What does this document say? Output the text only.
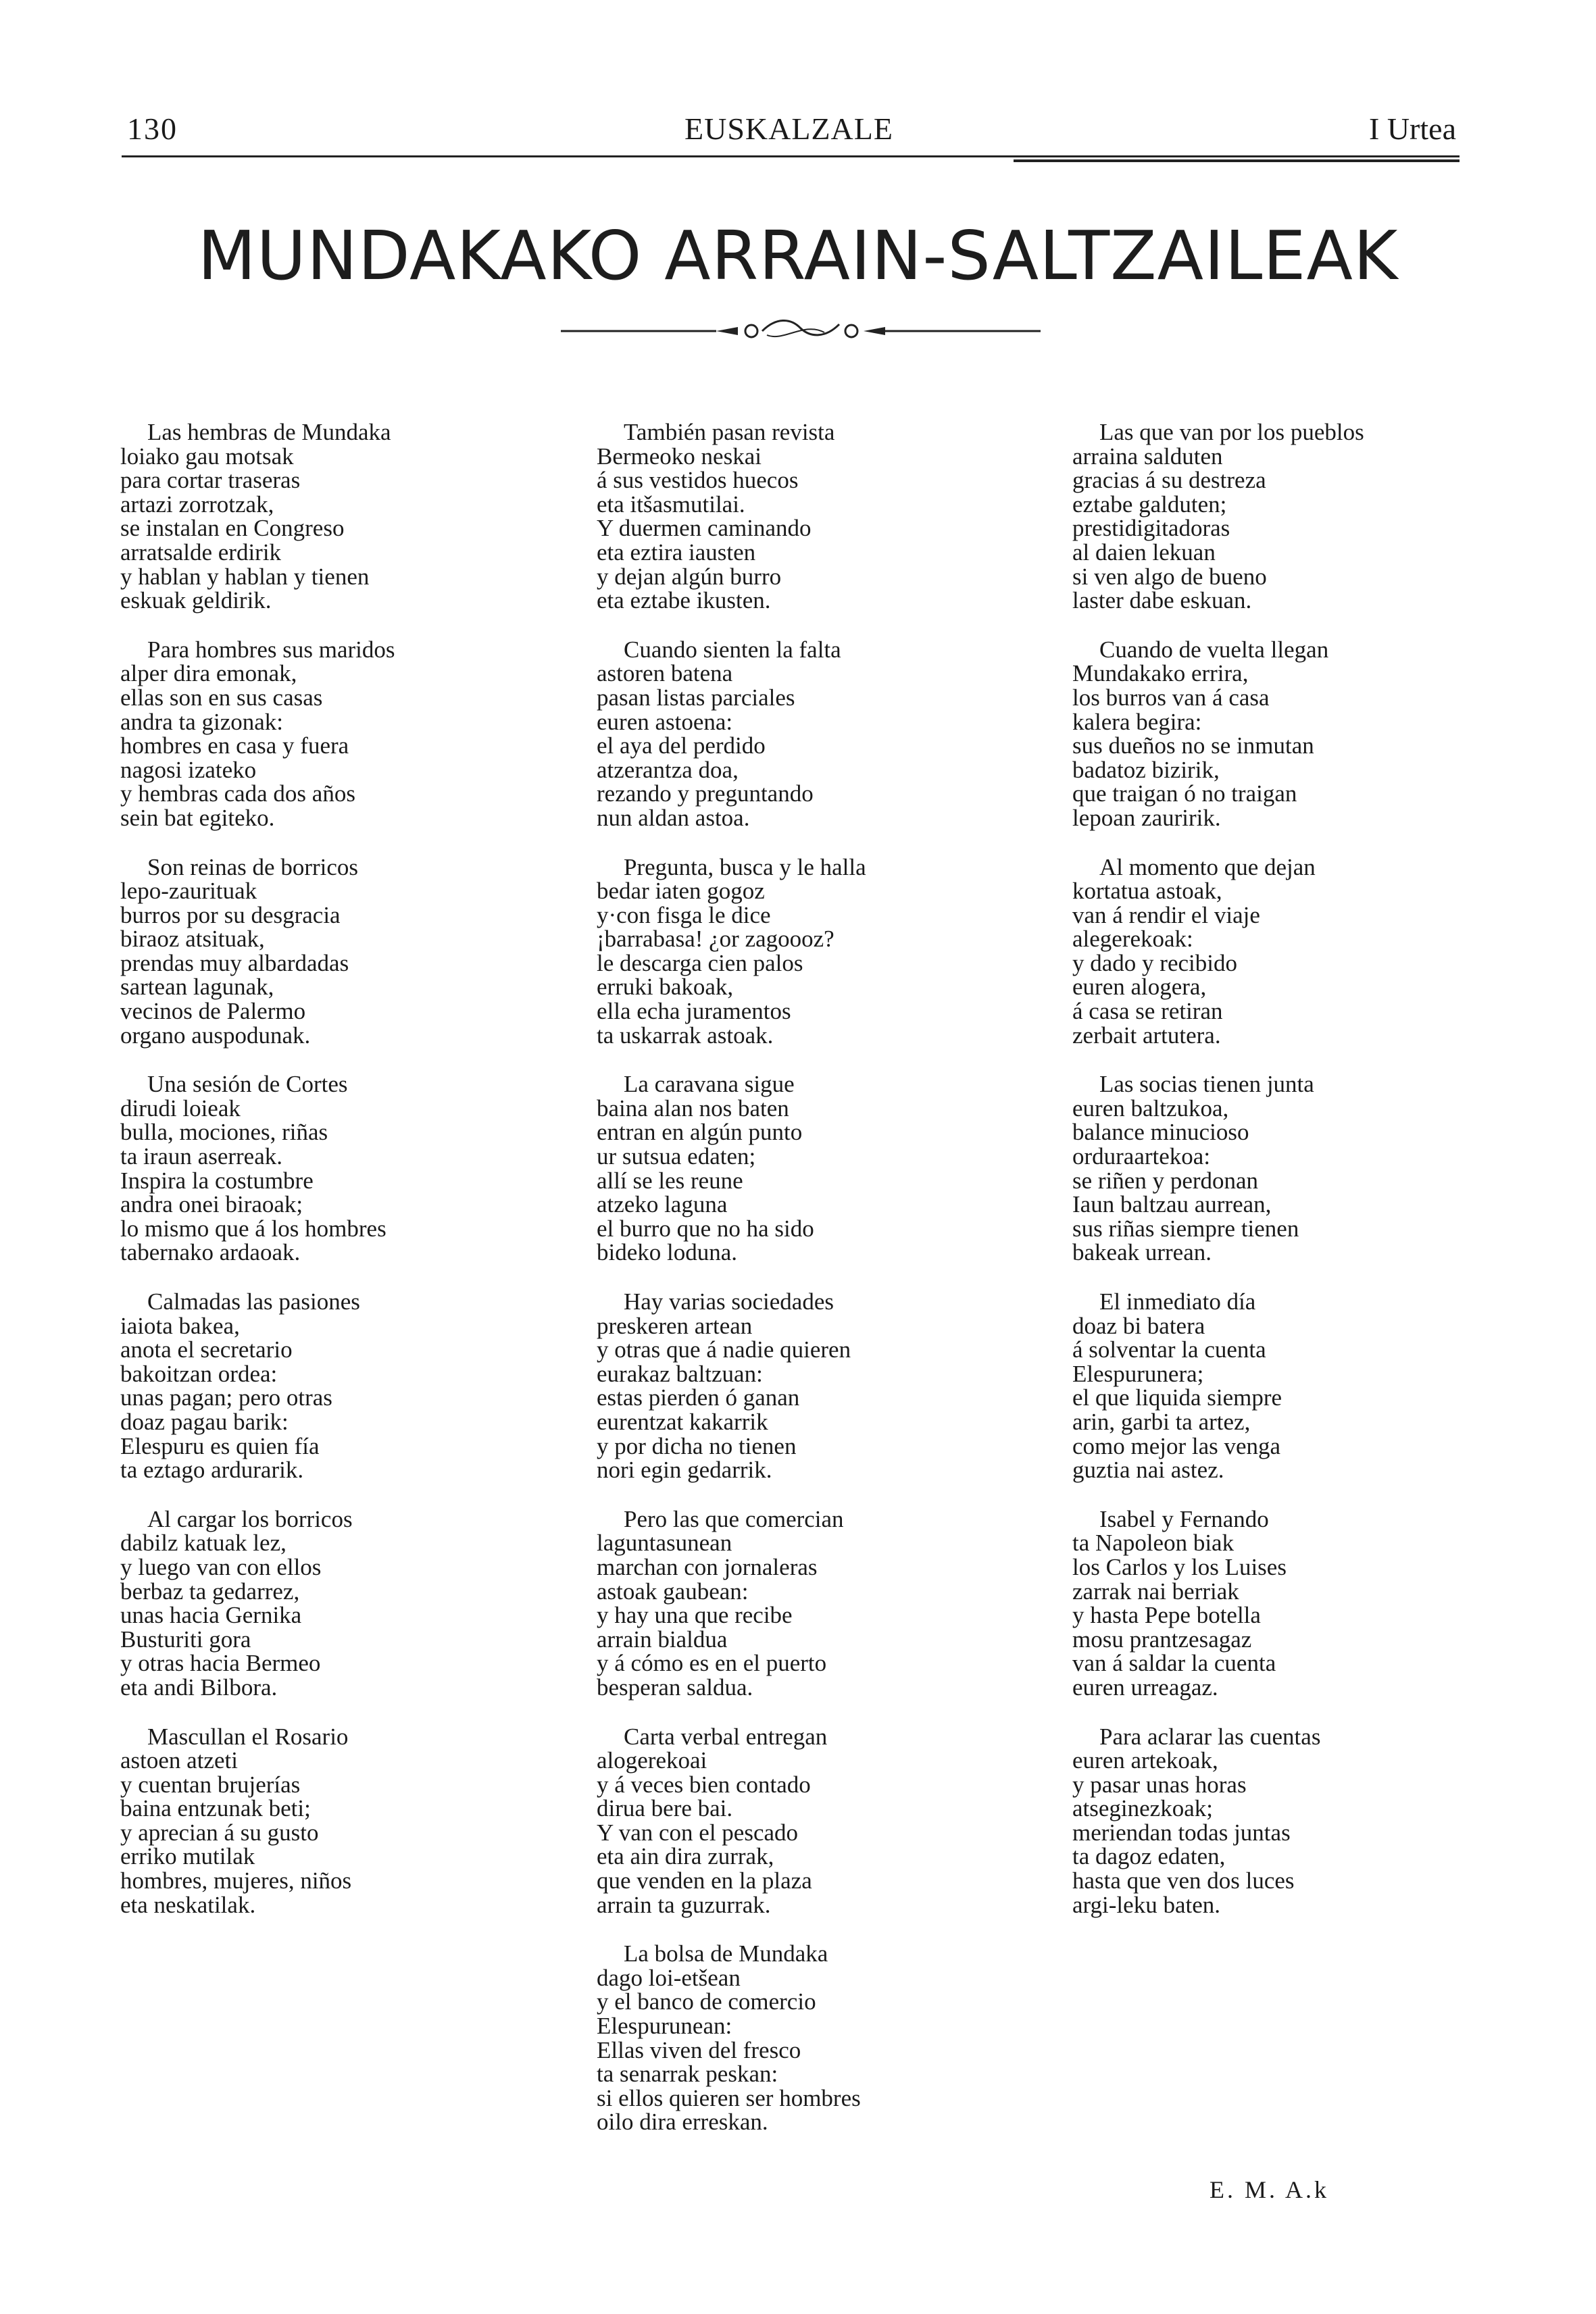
130	EUSKALZALE	I Urtea
MUNDAKAKO ARRAIN-SALTZAILEAK
Las hembras de Mundaka
loiako gau motsak
para cortar traseras
artazi zorrotzak,
se instalan en Congreso
arratsalde erdirik
y hablan y hablan y tienen
eskuak geldirik.
Para hombres sus maridos
alper dira emonak,
ellas son en sus casas
andra ta gizonak:
hombres en casa y fuera
nagosi izateko
y hembras cada dos años
sein bat egiteko.
Son reinas de borricos
lepo-zaurituak
burros por su desgracia
biraoz atsituak,
prendas muy albardadas
sartean lagunak,
vecinos de Palermo
organo auspodunak.
Una sesión de Cortes
dirudi loieak
bulla, mociones, riñas
ta iraun aserreak.
Inspira la costumbre
andra onei biraoak;
lo mismo que á los hombres
tabernako ardaoak.
Calmadas las pasiones
iaiota bakea,
anota el secretario
bakoitzan ordea:
unas pagan; pero otras
doaz pagau barik:
Elespuru es quien fía
ta eztago ardurarik.
Al cargar los borricos
dabilz katuak lez,
y luego van con ellos
berbaz ta gedarrez,
unas hacia Gernika
Busturiti gora
y otras hacia Bermeo
eta andi Bilbora.
Mascullan el Rosario
astoen atzeti
y cuentan brujerías
baina entzunak beti;
y aprecian á su gusto
erriko mutilak
hombres, mujeres, niños
eta neskatilak.
También pasan revista
Bermeoko neskai
á sus vestidos huecos
eta itšasmutilai.
Y duermen caminando
eta eztira iausten
y dejan algún burro
eta eztabe ikusten.
Cuando sienten la falta
astoren batena
pasan listas parciales
euren astoena:
el aya del perdido
atzerantza doa,
rezando y preguntando
nun aldan astoa.
Pregunta, busca y le halla
bedar iaten gogoz
y·con fisga le dice
¡barrabasa! ¿or zagoooz?
le descarga cien palos
erruki bakoak,
ella echa juramentos
ta uskarrak astoak.
La caravana sigue
baina alan nos baten
entran en algún punto
ur sutsua edaten;
allí se les reune
atzeko laguna
el burro que no ha sido
bideko loduna.
Hay varias sociedades
preskeren artean
y otras que á nadie quieren
eurakaz baltzuan:
estas pierden ó ganan
eurentzat kakarrik
y por dicha no tienen
nori egin gedarrik.
Pero las que comercian
laguntasunean
marchan con jornaleras
astoak gaubean:
y hay una que recibe
arrain bialdua
y á cómo es en el puerto
besperan saldua.
Carta verbal entregan
alogerekoai
y á veces bien contado
dirua bere bai.
Y van con el pescado
eta ain dira zurrak,
que venden en la plaza
arrain ta guzurrak.
La bolsa de Mundaka
dago loi-etšean
y el banco de comercio
Elespurunean:
Ellas viven del fresco
ta senarrak peskan:
si ellos quieren ser hombres
oilo dira erreskan.
Las que van por los pueblos
arraina salduten
gracias á su destreza
eztabe galduten;
prestidigitadoras
al daien lekuan
si ven algo de bueno
laster dabe eskuan.
Cuando de vuelta llegan
Mundakako errira,
los burros van á casa
kalera begira:
sus dueños no se inmutan
badatoz bizirik,
que traigan ó no traigan
lepoan zauririk.
Al momento que dejan
kortatua astoak,
van á rendir el viaje
alegerekoak:
y dado y recibido
euren alogera,
á casa se retiran
zerbait artutera.
Las socias tienen junta
euren baltzukoa,
balance minucioso
orduraartekoa:
se riñen y perdonan
Iaun baltzau aurrean,
sus riñas siempre tienen
bakeak urrean.
El inmediato día
doaz bi batera
á solventar la cuenta
Elespurunera;
el que liquida siempre
arin, garbi ta artez,
como mejor las venga
guztia nai astez.
Isabel y Fernando
ta Napoleon biak
los Carlos y los Luises
zarrak nai berriak
y hasta Pepe botella
mosu prantzesagaz
van á saldar la cuenta
euren urreagaz.
Para aclarar las cuentas
euren artekoak,
y pasar unas horas
atseginezkoak;
meriendan todas juntas
ta dagoz edaten,
hasta que ven dos luces
argi-leku baten.
E. M. A.k
